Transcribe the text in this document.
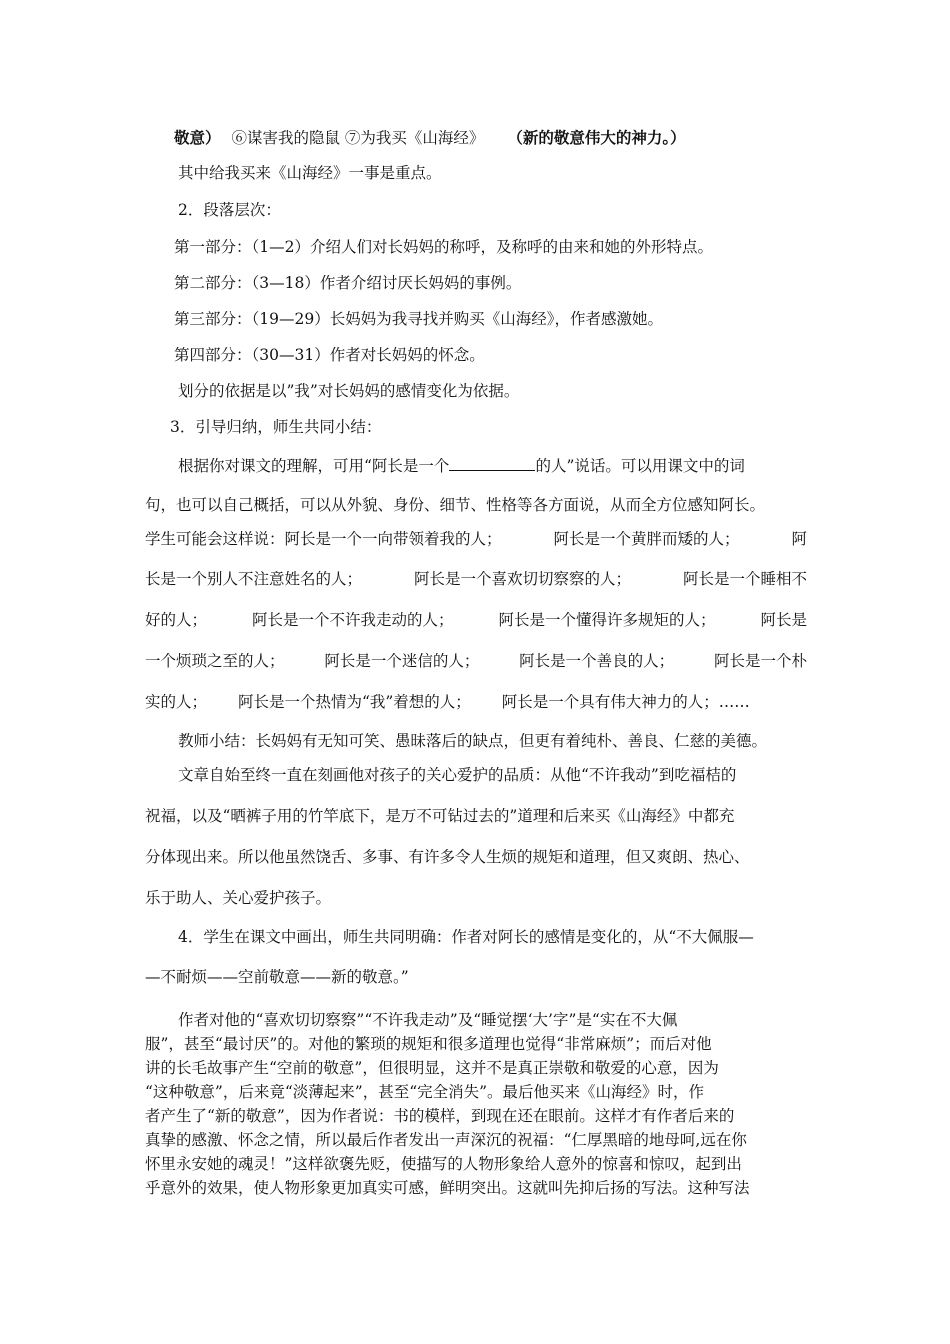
敬意） ⑥谋害我的隐鼠 ⑦为我买《山海经》 （新的敬意伟大的神力。）
其中给我买来《山海经》一事是重点。
2．段落层次：
第一部分：（1—2）介绍人们对长妈妈的称呼，及称呼的由来和她的外形特点。
第二部分：（3—18）作者介绍讨厌长妈妈的事例。
第三部分：（19—29）长妈妈为我寻找并购买《山海经》，作者感激她。
第四部分：（30—31）作者对长妈妈的怀念。
划分的依据是以”我”对长妈妈的感情变化为依据。
3．引导归纳，师生共同小结：
根据你对课文的理解，可用“阿长是一个	的人”说话。可以用课文中的词
句，也可以自己概括，可以从外貌、身份、细节、性格等各方面说，从而全方位感知阿长。
学生可能会这样说：阿长是一个一向带领着我的人；	阿长是一个黄胖而矮的人；	阿
长是一个别人不注意姓名的人；	阿长是一个喜欢切切察察的人；	阿长是一个睡相不
好的人；	阿长是一个不许我走动的人；	阿长是一个懂得许多规矩的人；	阿长是
一个烦琐之至的人；	阿长是一个迷信的人；	阿长是一个善良的人；	阿长是一个朴
实的人； 阿长是一个热情为“我”着想的人； 阿长是一个具有伟大神力的人；……
教师小结：长妈妈有无知可笑、愚昧落后的缺点，但更有着纯朴、善良、仁慈的美德。
文章自始至终一直在刻画他对孩子的关心爱护的品质：从他“不许我动”到吃福桔的
祝福，以及“晒裤子用的竹竿底下，是万不可钻过去的”道理和后来买《山海经》中都充
分体现出来。所以他虽然饶舌、多事、有许多令人生烦的规矩和道理，但又爽朗、热心、
乐于助人、关心爱护孩子。
4．学生在课文中画出，师生共同明确：作者对阿长的感情是变化的，从“不大佩服—
—不耐烦——空前敬意——新的敬意。”
作者对他的“喜欢切切察察”“不许我走动”及“睡觉摆‘大’字”是“实在不大佩
服”，甚至“最讨厌”的。对他的繁琐的规矩和很多道理也觉得“非常麻烦”；而后对他
讲的长毛故事产生“空前的敬意”，但很明显，这并不是真正崇敬和敬爱的心意，因为
“这种敬意”，后来竟“淡薄起来”，甚至“完全消失”。最后他买来《山海经》时，作
者产生了“新的敬意”，因为作者说：书的模样，到现在还在眼前。这样才有作者后来的
真挚的感激、怀念之情，所以最后作者发出一声深沉的祝福：“仁厚黑暗的地母呵,远在你
怀里永安她的魂灵！”这样欲褒先贬，使描写的人物形象给人意外的惊喜和惊叹，起到出
乎意外的效果，使人物形象更加真实可感，鲜明突出。这就叫先抑后扬的写法。这种写法
